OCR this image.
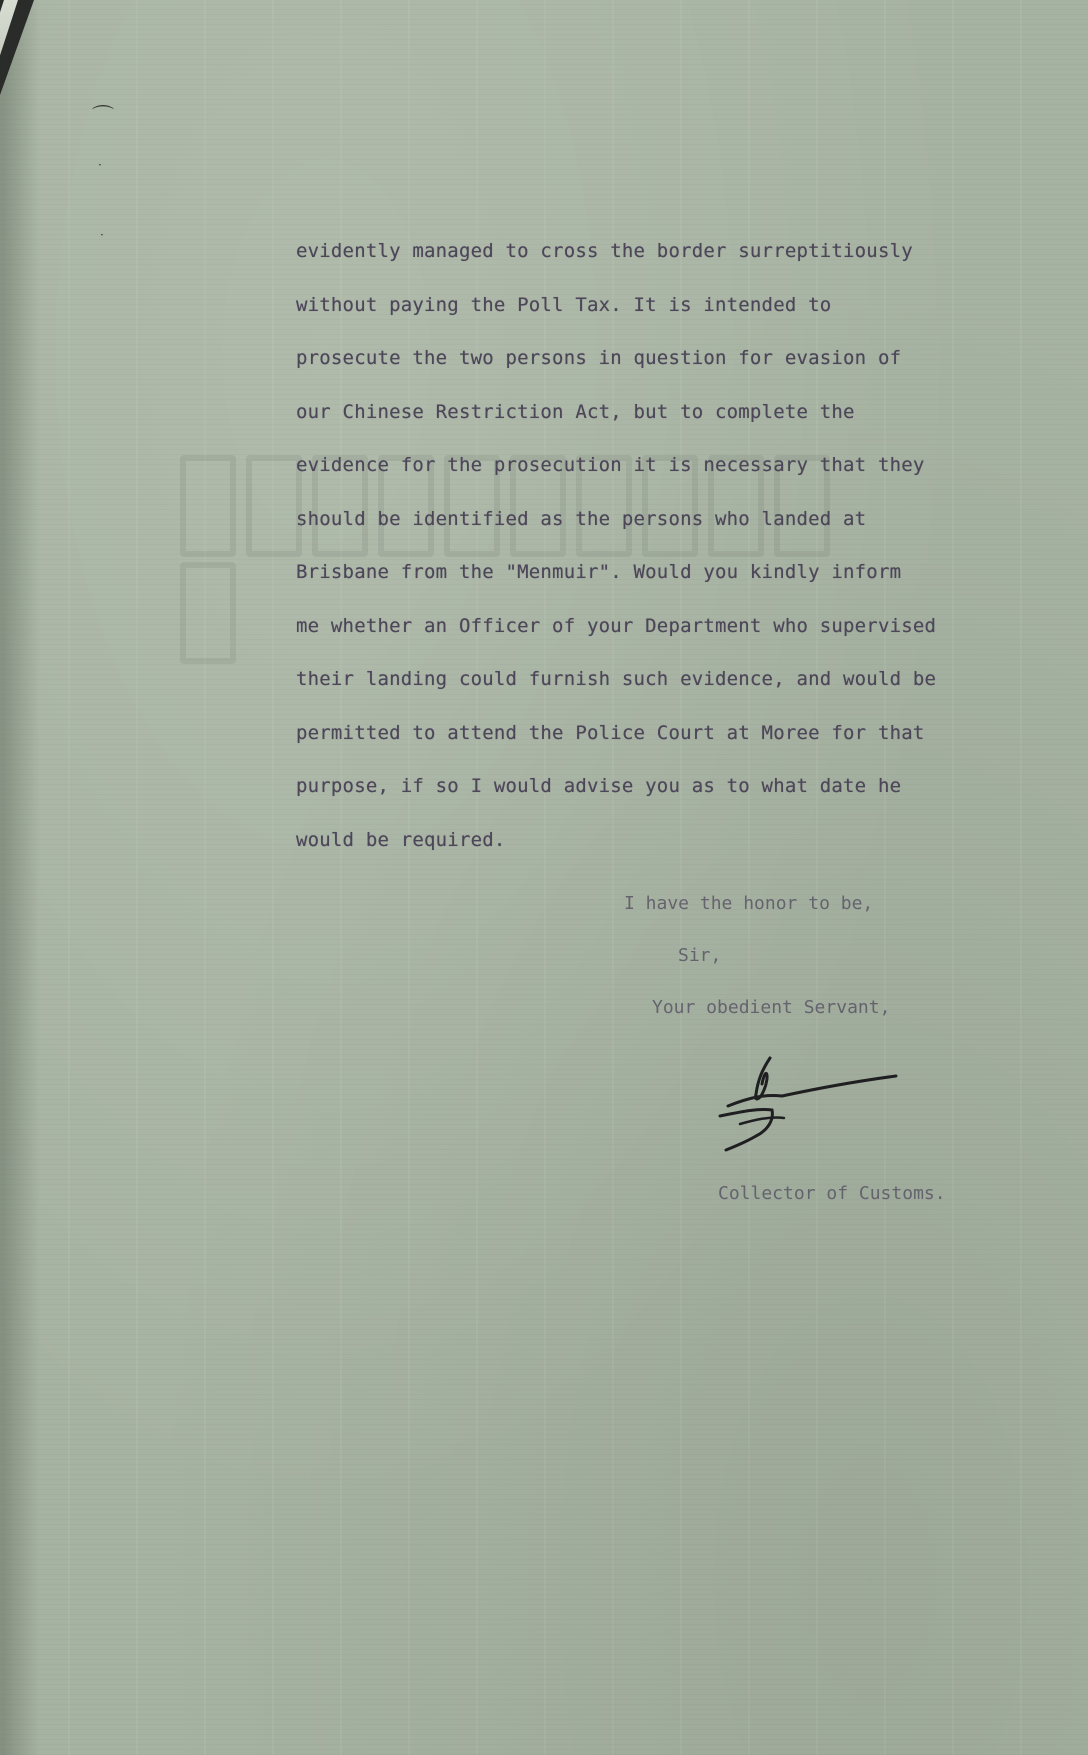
⌒
·
·
evidently managed to cross the border surreptitiously
without paying the Poll Tax. It is intended to
prosecute the two persons in question for evasion of
our Chinese Restriction Act, but to complete the
evidence for the prosecution it is necessary that they
should be identified as the persons who landed at
Brisbane from the "Menmuir". Would you kindly inform
me whether an Officer of your Department who supervised
their landing could furnish such evidence, and would be
permitted to attend the Police Court at Moree for that
purpose, if so I would advise you as to what date he
would be required.
I have the honor to be,
Sir,
Your obedient Servant,
Collector of Customs.
